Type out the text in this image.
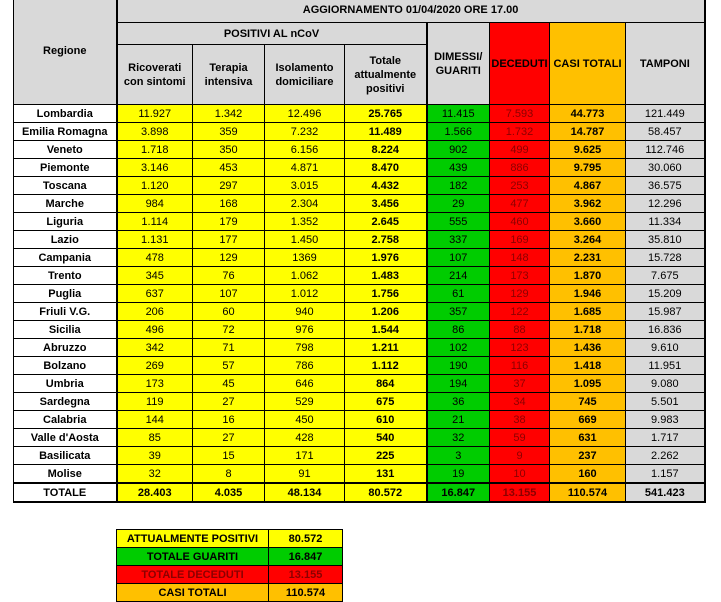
Regione	AGGIORNAMENTO 01/04/2020 ORE 17.00							
	POSITIVI AL nCoV				DIMESSI/ GUARITI	DECEDUTI	CASI TOTALI	TAMPONI
	Ricoverati con sintomi	Terapia intensiva	Isolamento domiciliare	Totale attualmente positivi				
Lombardia	11.927	1.342	12.496	25.765	11.415	7.593	44.773	121.449
Emilia Romagna	3.898	359	7.232	11.489	1.566	1.732	14.787	58.457
Veneto	1.718	350	6.156	8.224	902	499	9.625	112.746
Piemonte	3.146	453	4.871	8.470	439	886	9.795	30.060
Toscana	1.120	297	3.015	4.432	182	253	4.867	36.575
Marche	984	168	2.304	3.456	29	477	3.962	12.296
Liguria	1.114	179	1.352	2.645	555	460	3.660	11.334
Lazio	1.131	177	1.450	2.758	337	169	3.264	35.810
Campania	478	129	1369	1.976	107	148	2.231	15.728
Trento	345	76	1.062	1.483	214	173	1.870	7.675
Puglia	637	107	1.012	1.756	61	129	1.946	15.209
Friuli V.G.	206	60	940	1.206	357	122	1.685	15.987
Sicilia	496	72	976	1.544	86	88	1.718	16.836
Abruzzo	342	71	798	1.211	102	123	1.436	9.610
Bolzano	269	57	786	1.112	190	116	1.418	11.951
Umbria	173	45	646	864	194	37	1.095	9.080
Sardegna	119	27	529	675	36	34	745	5.501
Calabria	144	16	450	610	21	38	669	9.983
Valle d'Aosta	85	27	428	540	32	59	631	1.717
Basilicata	39	15	171	225	3	9	237	2.262
Molise	32	8	91	131	19	10	160	1.157
TOTALE	28.403	4.035	48.134	80.572	16.847	13.155	110.574	541.423
ATTUALMENTE POSITIVI	80.572
TOTALE GUARITI	16.847
TOTALE DECEDUTI	13.155
CASI TOTALI	110.574
